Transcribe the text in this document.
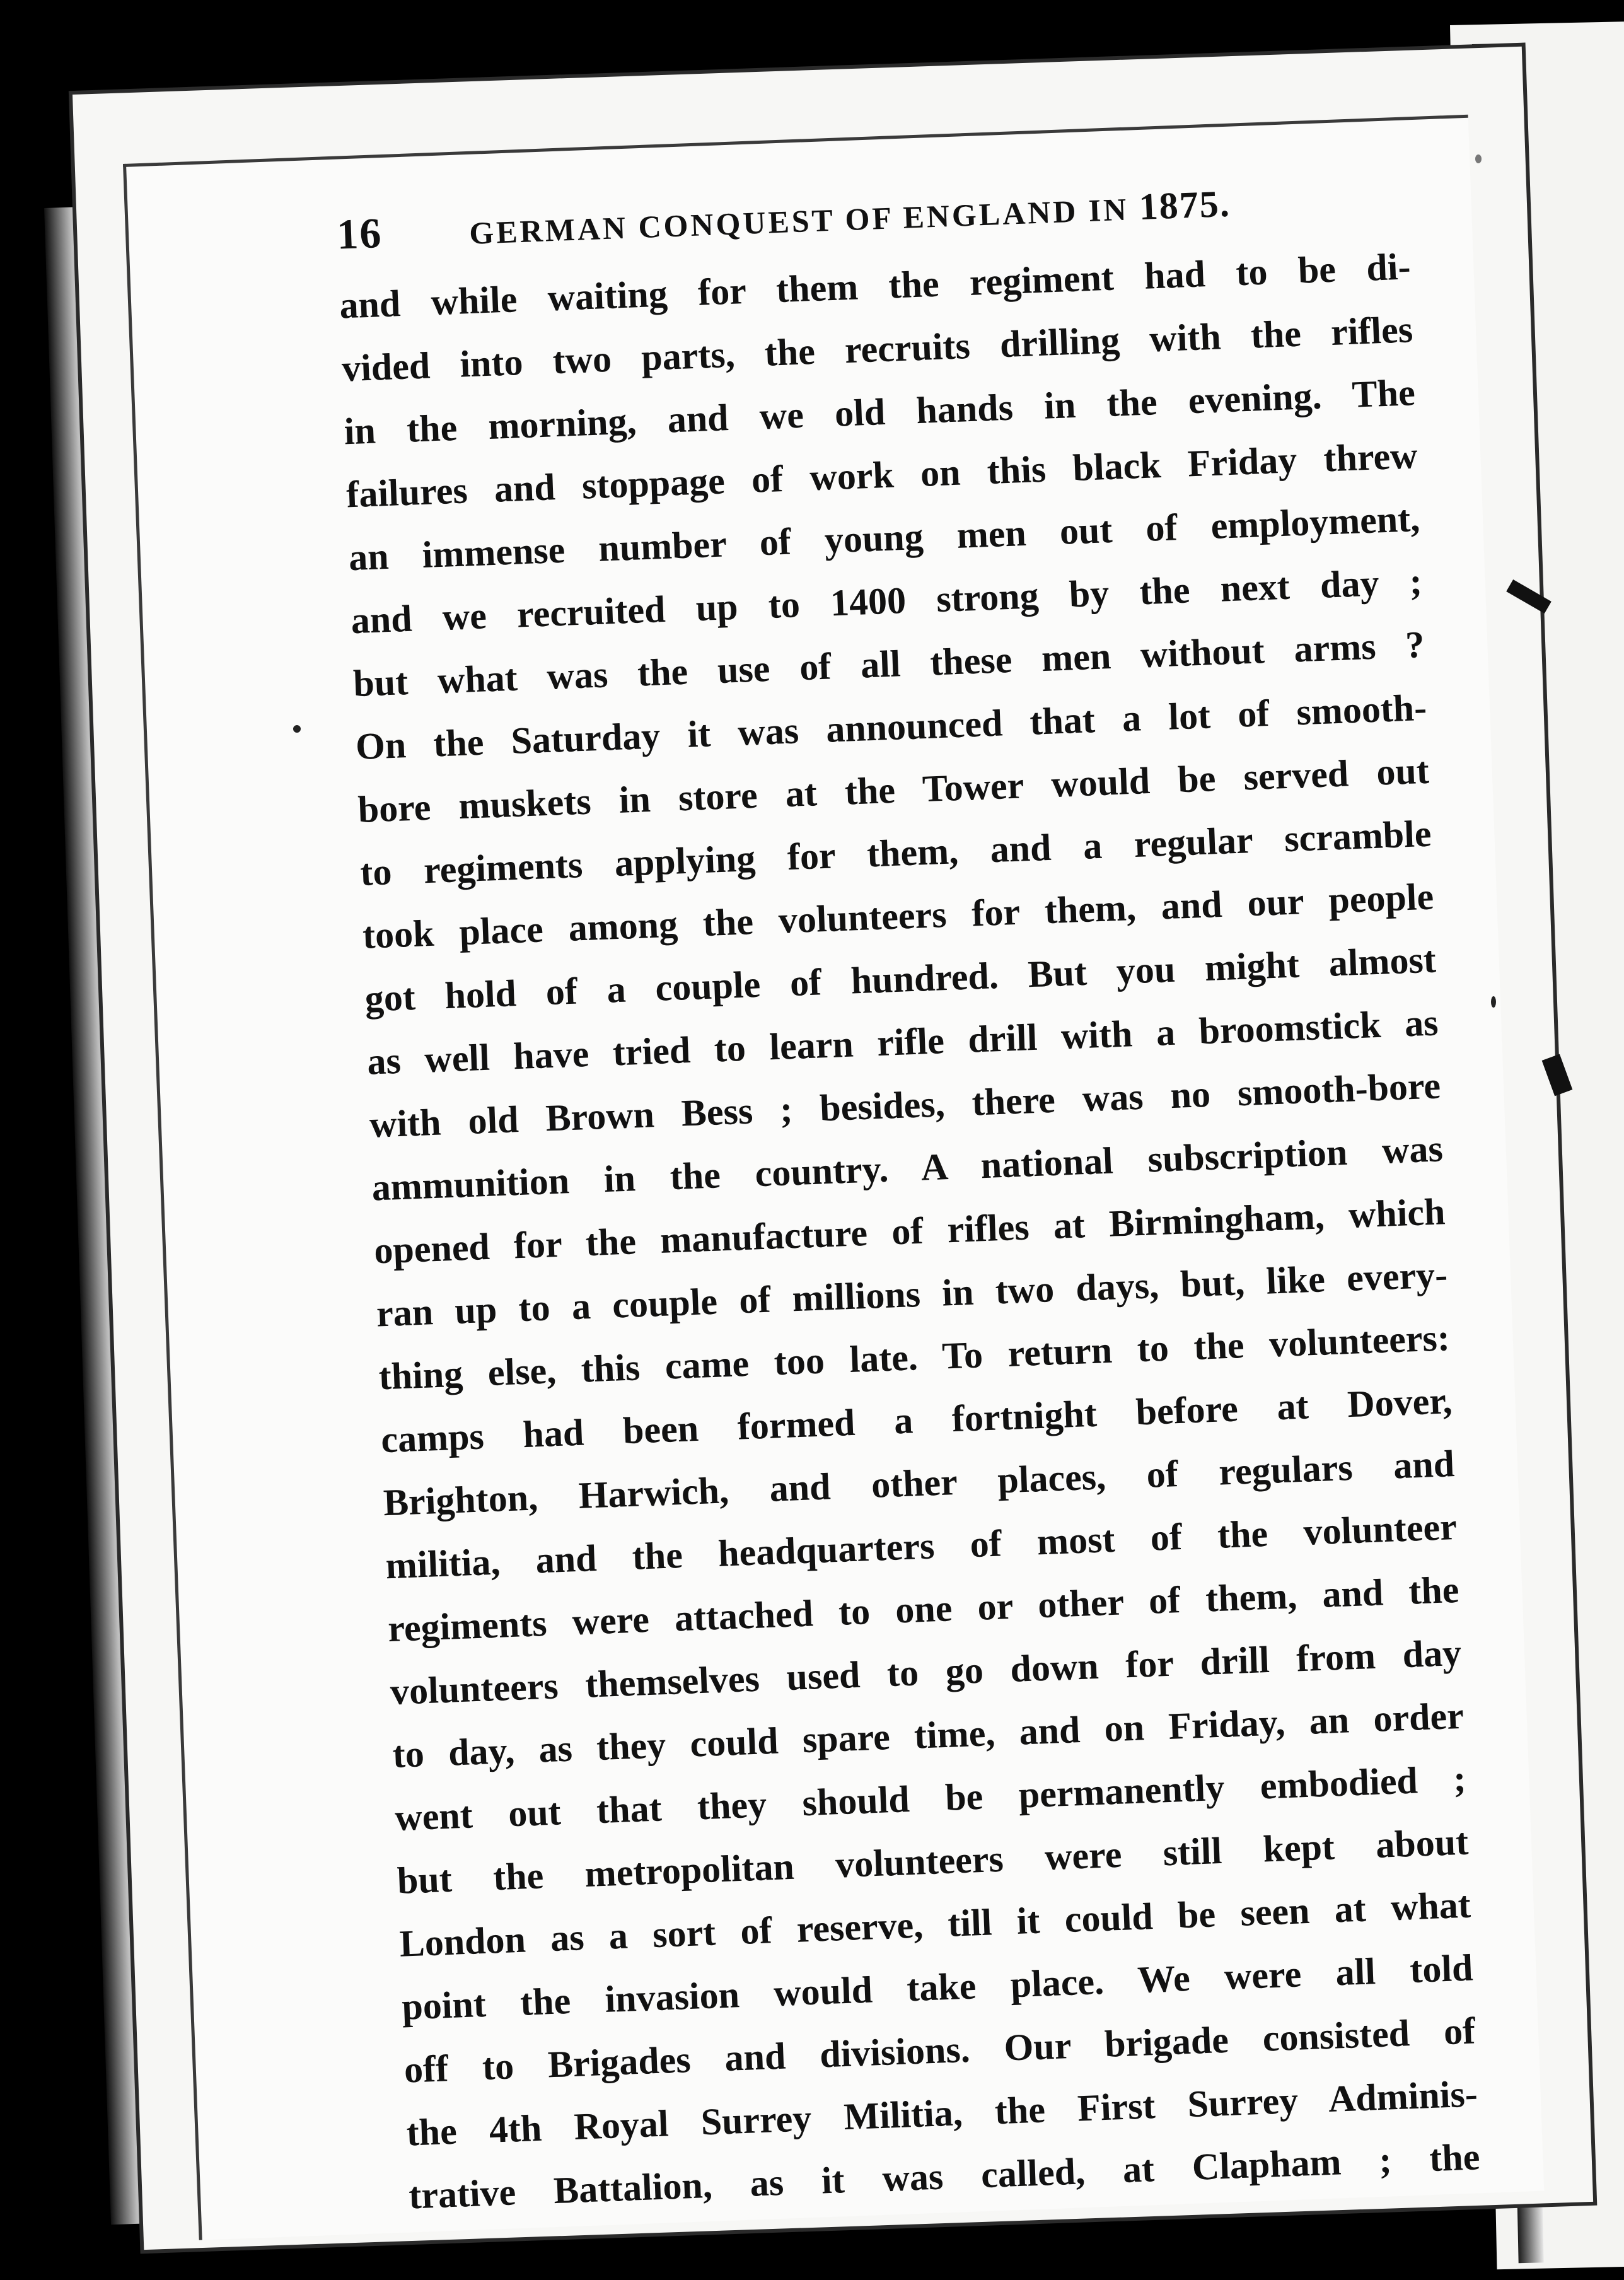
16	GERMAN CONQUEST OF ENGLAND IN 1875.
and while waiting for them the regiment had to be di-
vided into two parts, the recruits drilling with the rifles
in the morning, and we old hands in the evening. The
failures and stoppage of work on this black Friday threw
an immense number of young men out of employment,
and we recruited up to 1400 strong by the next day ;
but what was the use of all these men without arms ?
On the Saturday it was announced that a lot of smooth-
bore muskets in store at the Tower would be served out
to regiments applying for them, and a regular scramble
took place among the volunteers for them, and our people
got hold of a couple of hundred. But you might almost
as well have tried to learn rifle drill with a broomstick as
with old Brown Bess ; besides, there was no smooth-bore
ammunition in the country. A national subscription was
opened for the manufacture of rifles at Birmingham, which
ran up to a couple of millions in two days, but, like every-
thing else, this came too late. To return to the volunteers:
camps had been formed a fortnight before at Dover,
Brighton, Harwich, and other places, of regulars and
militia, and the headquarters of most of the volunteer
regiments were attached to one or other of them, and the
volunteers themselves used to go down for drill from day
to day, as they could spare time, and on Friday, an order
went out that they should be permanently embodied ;
but the metropolitan volunteers were still kept about
London as a sort of reserve, till it could be seen at what
point the invasion would take place. We were all told
off to Brigades and divisions. Our brigade consisted of
the 4th Royal Surrey Militia, the First Surrey Adminis-
trative Battalion, as it was called, at Clapham ; the
